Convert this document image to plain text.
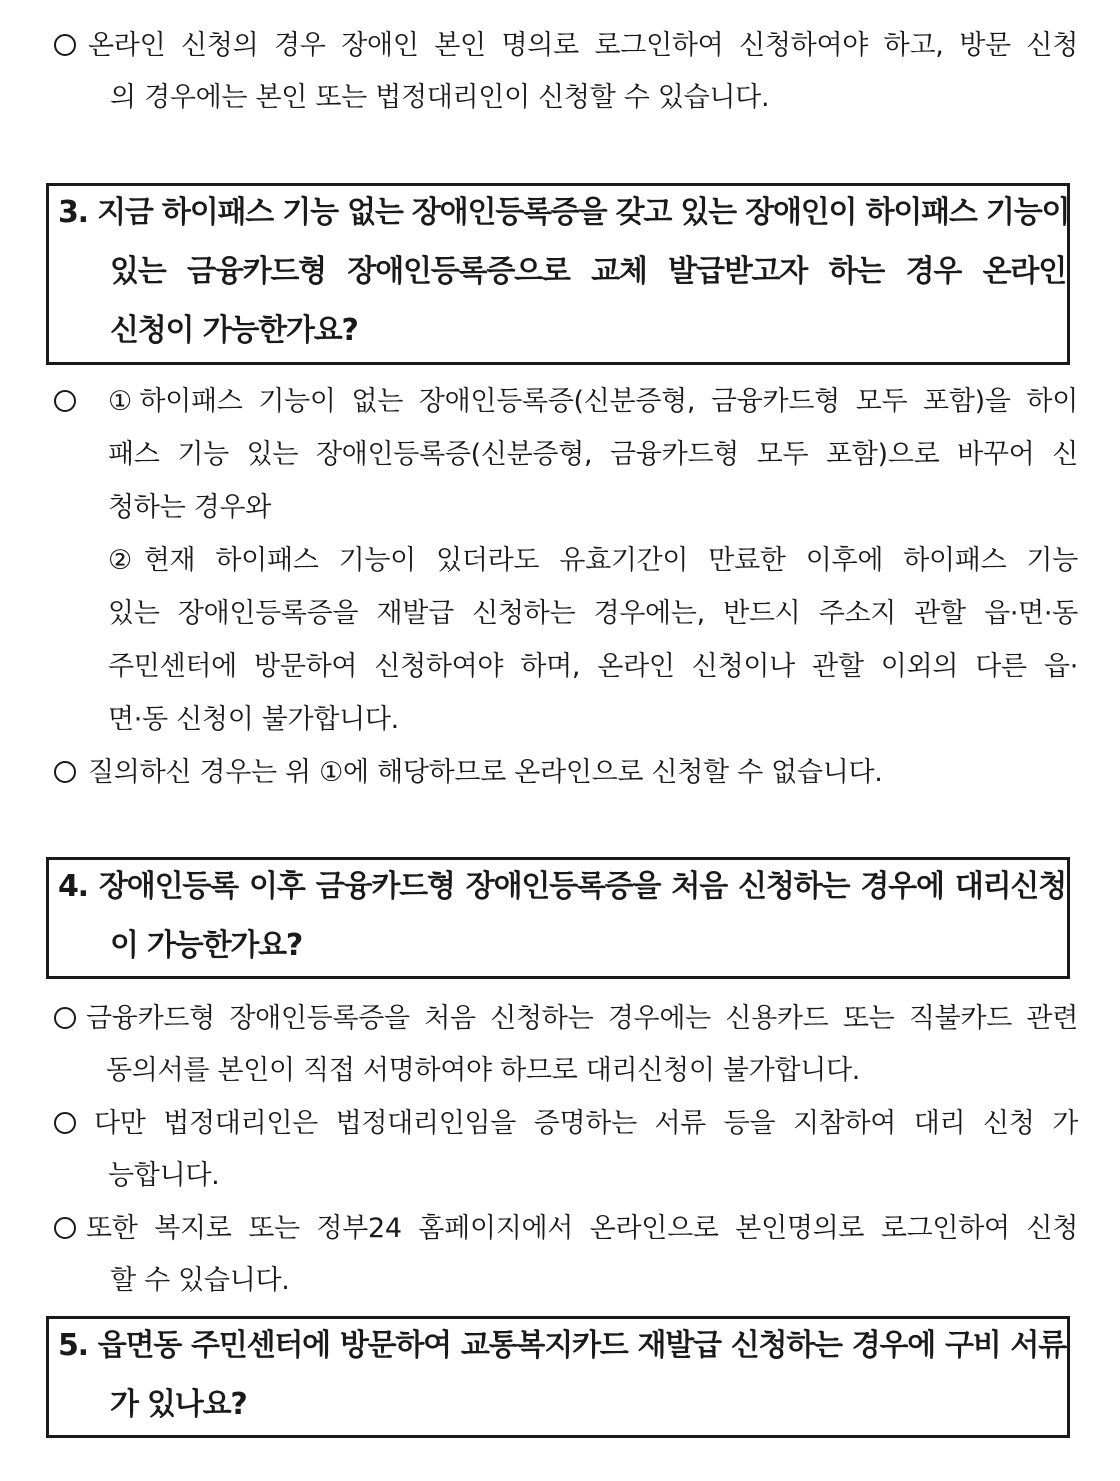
온라인 신청의 경우 장애인 본인 명의로 로그인하여 신청하여야 하고, 방문 신청
의 경우에는 본인 또는 법정대리인이 신청할 수 있습니다.
3. 지금 하이패스 기능 없는 장애인등록증을 갖고 있는 장애인이 하이패스 기능이
있는 금융카드형 장애인등록증으로 교체 발급받고자 하는 경우 온라인
신청이 가능한가요?
①하이패스 기능이 없는 장애인등록증(신분증형, 금융카드형 모두 포함)을 하이
패스 기능 있는 장애인등록증(신분증형, 금융카드형 모두 포함)으로 바꾸어 신
청하는 경우와
②현재 하이패스 기능이 있더라도 유효기간이 만료한 이후에 하이패스 기능
있는 장애인등록증을 재발급 신청하는 경우에는, 반드시 주소지 관할 읍·면·동
주민센터에 방문하여 신청하여야 하며, 온라인 신청이나 관할 이외의 다른 읍·
면·동 신청이 불가합니다.
질의하신 경우는 위 ①에 해당하므로 온라인으로 신청할 수 없습니다.
4. 장애인등록 이후 금융카드형 장애인등록증을 처음 신청하는 경우에 대리신청
이 가능한가요?
금융카드형 장애인등록증을 처음 신청하는 경우에는 신용카드 또는 직불카드 관련
동의서를 본인이 직접 서명하여야 하므로 대리신청이 불가합니다.
다만 법정대리인은 법정대리인임을 증명하는 서류 등을 지참하여 대리 신청 가
능합니다.
또한 복지로 또는 정부24 홈페이지에서 온라인으로 본인명의로 로그인하여 신청
할 수 있습니다.
5. 읍면동 주민센터에 방문하여 교통복지카드 재발급 신청하는 경우에 구비 서류
가 있나요?
